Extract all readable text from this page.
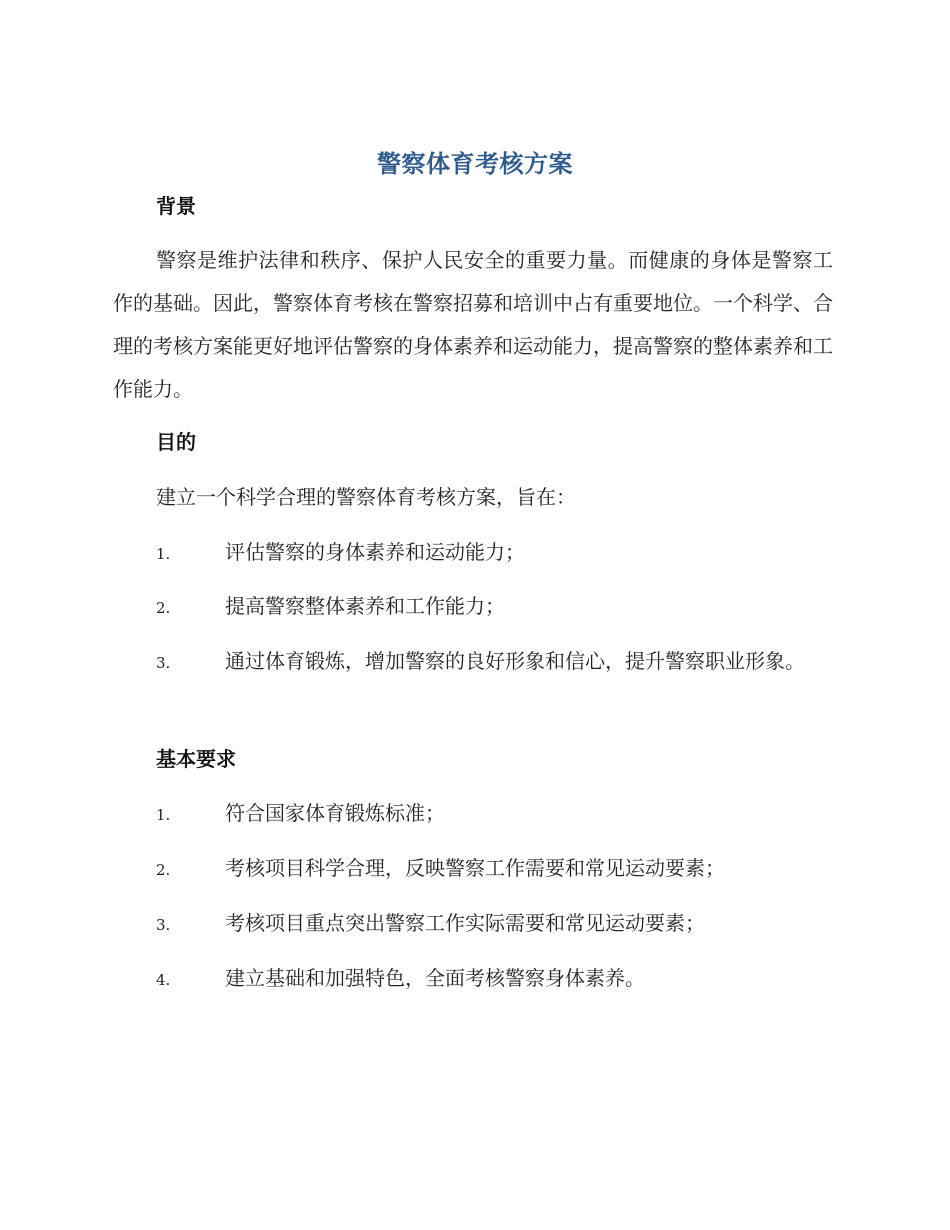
警察体育考核方案
背景
警察是维护法律和秩序、保护人民安全的重要力量。而健康的身体是警察工作的基础。因此，警察体育考核在警察招募和培训中占有重要地位。一个科学、合理的考核方案能更好地评估警察的身体素养和运动能力，提高警察的整体素养和工作能力。
目的
建立一个科学合理的警察体育考核方案，旨在：
1.	评估警察的身体素养和运动能力；
2.	提高警察整体素养和工作能力；
3.	通过体育锻炼，增加警察的良好形象和信心，提升警察职业形象。
基本要求
1.	符合国家体育锻炼标准；
2.	考核项目科学合理，反映警察工作需要和常见运动要素；
3.	考核项目重点突出警察工作实际需要和常见运动要素；
4.	建立基础和加强特色，全面考核警察身体素养。
